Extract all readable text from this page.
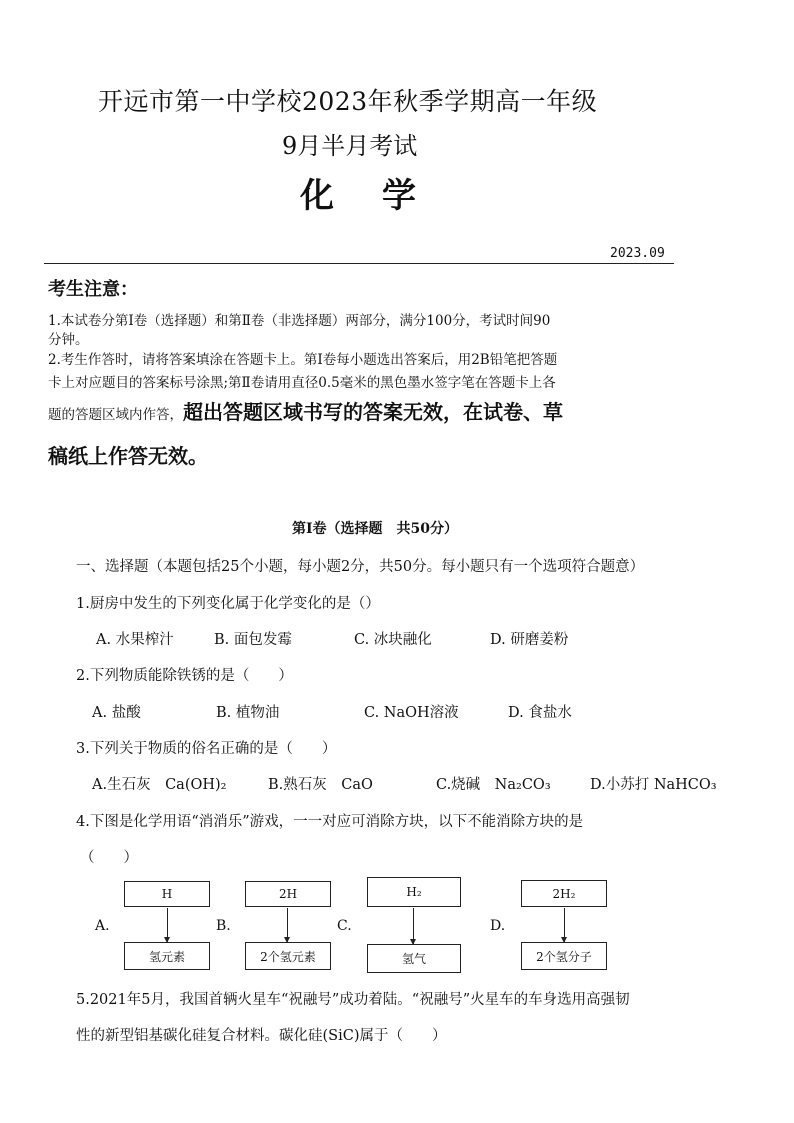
开远市第一中学校2023年秋季学期高一年级
9月半月考试
化学
2023.09
考生注意：
1.本试卷分第Ⅰ卷（选择题）和第Ⅱ卷（非选择题）两部分，满分100分，考试时间90
分钟。
2.考生作答时，请将答案填涂在答题卡上。第Ⅰ卷每小题选出答案后，用2B铅笔把答题
卡上对应题目的答案标号涂黑;第Ⅱ卷请用直径0.5毫米的黑色墨水签字笔在答题卡上各
题的答题区域内作答，超出答题区域书写的答案无效，在试卷、草
稿纸上作答无效。
第Ⅰ卷（选择题　共50分）
一、选择题（本题包括25个小题，每小题2分，共50分。每小题只有一个选项符合题意）
1.厨房中发生的下列变化属于化学变化的是（）
A. 水果榨汁	B. 面包发霉	C. 冰块融化	D. 研磨姜粉
2.下列物质能除铁锈的是（　　）
A. 盐酸	B. 植物油	C. NaOH溶液	D. 食盐水
3.下列关于物质的俗名正确的是（　　）
A.生石灰　Ca(OH)₂	B.熟石灰　CaO	C.烧碱　Na₂CO₃	D.小苏打 NaHCO₃
4.下图是化学用语“消消乐”游戏，一一对应可消除方块，以下不能消除方块的是
（　　）
A.
H
氢元素
B.
2H
2个氢元素
C.
H₂
氢气
D.
2H₂
2个氢分子
5.2021年5月，我国首辆火星车“祝融号”成功着陆。“祝融号”火星车的车身选用高强韧
性的新型铝基碳化硅复合材料。碳化硅(SiC)属于（　　）
